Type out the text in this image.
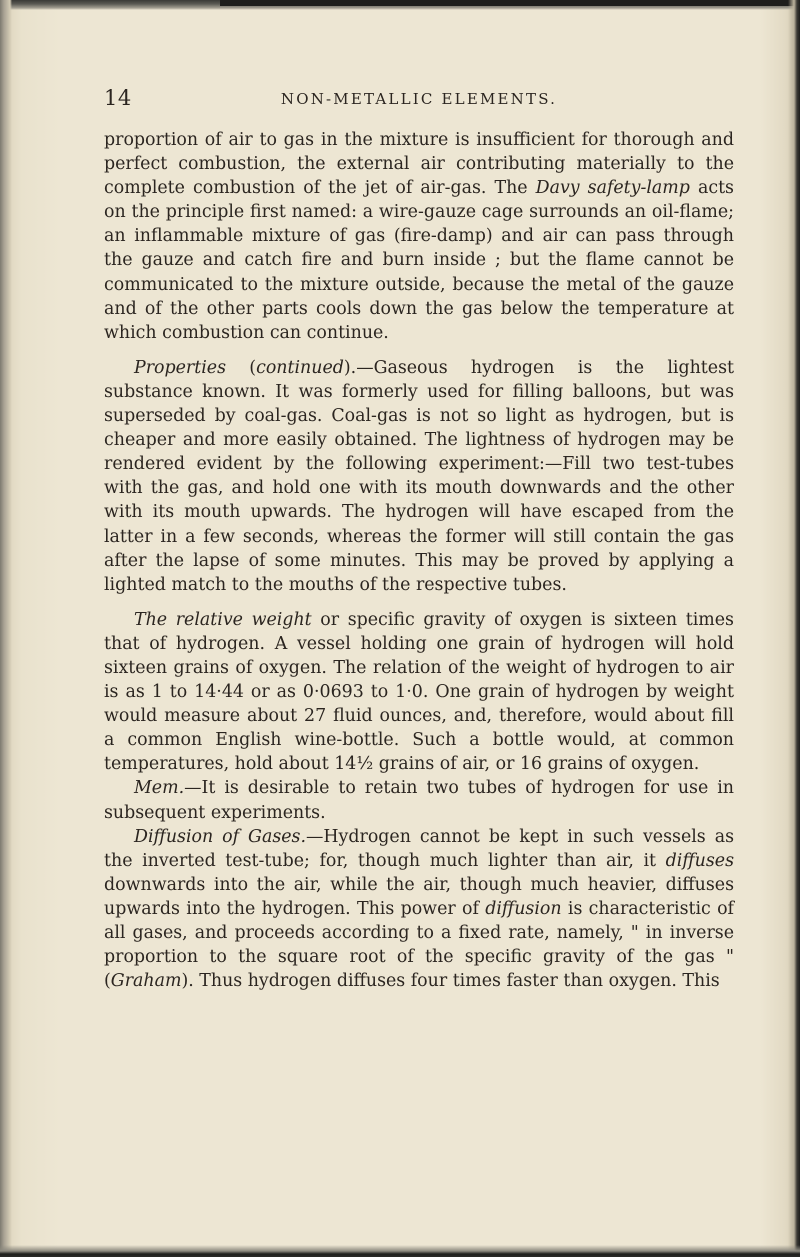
14	NON-METALLIC ELEMENTS.

proportion of air to gas in the mixture is insufficient for thorough and perfect combustion, the external air contributing materially to the complete combustion of the jet of air-gas. The Davy safety-lamp acts on the principle first named: a wire-gauze cage surrounds an oil-flame; an inflammable mixture of gas (fire-damp) and air can pass through the gauze and catch fire and burn inside ; but the flame cannot be communicated to the mixture outside, because the metal of the gauze and of the other parts cools down the gas below the temperature at which combustion can continue.

Properties (continued).—Gaseous hydrogen is the lightest substance known. It was formerly used for filling balloons, but was superseded by coal-gas. Coal-gas is not so light as hydrogen, but is cheaper and more easily obtained. The lightness of hydrogen may be rendered evident by the following experiment:—Fill two test-tubes with the gas, and hold one with its mouth downwards and the other with its mouth upwards. The hydrogen will have escaped from the latter in a few seconds, whereas the former will still contain the gas after the lapse of some minutes. This may be proved by applying a lighted match to the mouths of the respective tubes.

The relative weight or specific gravity of oxygen is sixteen times that of hydrogen. A vessel holding one grain of hydrogen will hold sixteen grains of oxygen. The relation of the weight of hydrogen to air is as 1 to 14·44 or as 0·0693 to 1·0. One grain of hydrogen by weight would measure about 27 fluid ounces, and, therefore, would about fill a common English wine-bottle. Such a bottle would, at common temperatures, hold about 14½ grains of air, or 16 grains of oxygen.

Mem.—It is desirable to retain two tubes of hydrogen for use in subsequent experiments.

Diffusion of Gases.—Hydrogen cannot be kept in such vessels as the inverted test-tube; for, though much lighter than air, it diffuses downwards into the air, while the air, though much heavier, diffuses upwards into the hydrogen. This power of diffusion is characteristic of all gases, and proceeds according to a fixed rate, namely, " in inverse proportion to the square root of the specific gravity of the gas " (Graham). Thus hydrogen diffuses four times faster than oxygen. This
